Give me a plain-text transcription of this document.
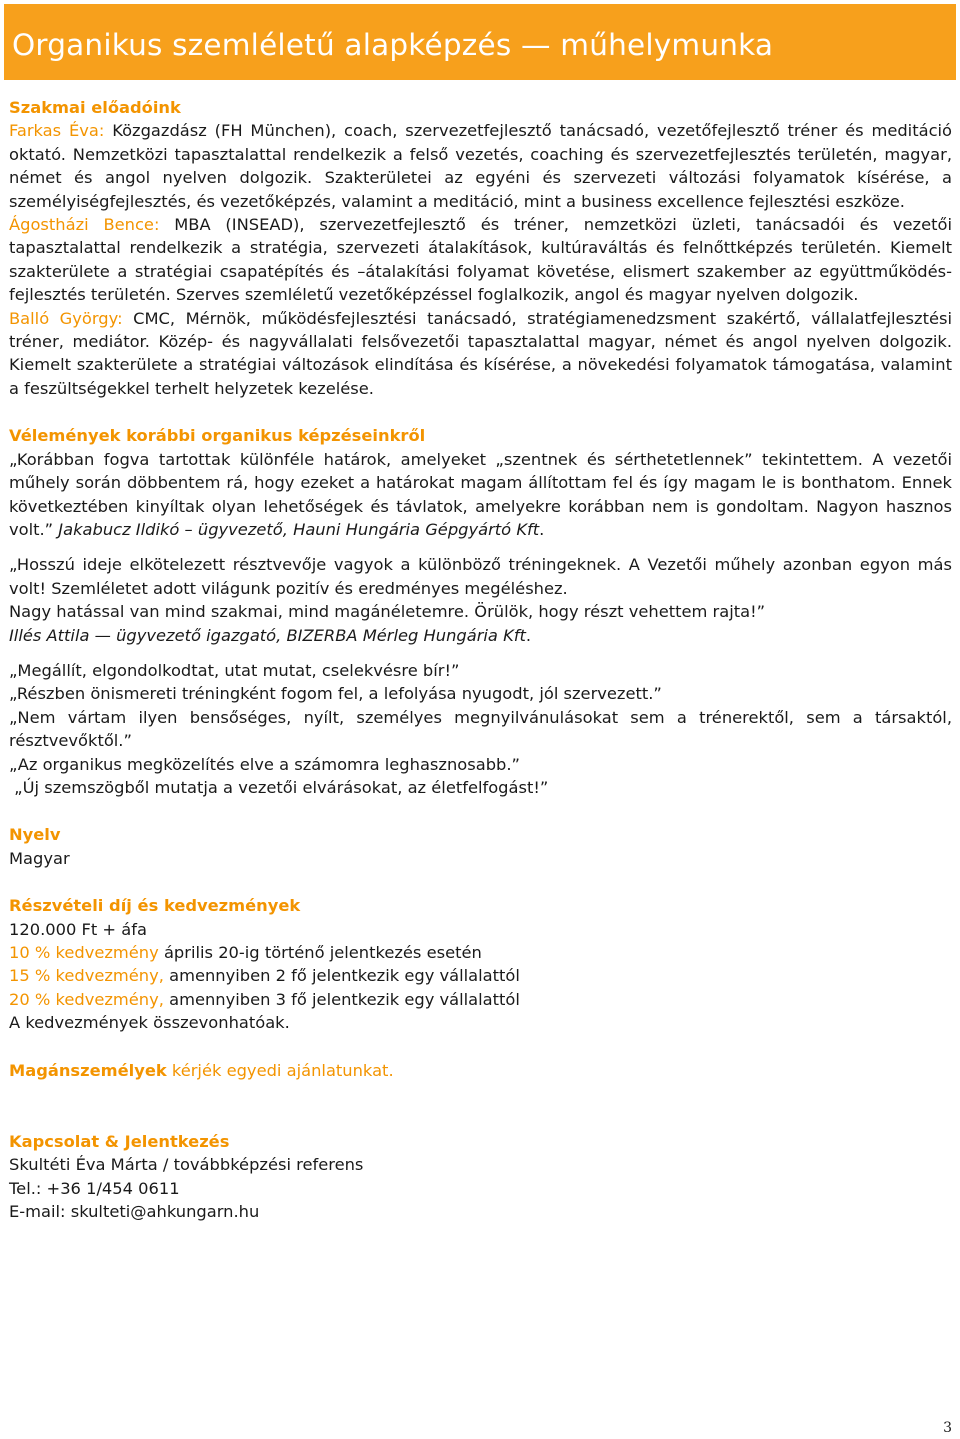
Organikus szemléletű alapképzés — műhelymunka
Szakmai előadóink

Farkas Éva: Közgazdász (FH München), coach, szervezetfejlesztő tanácsadó, vezetőfejlesztő tréner és meditáció oktató. Nemzetközi tapasztalattal rendelkezik a felső vezetés, coaching és szervezetfejlesztés területén, magyar, német és angol nyelven dolgozik. Szakterületei az egyéni és szervezeti változási folyamatok kísérése, a személyiségfejlesztés, és vezetőképzés, valamint a meditáció, mint a business excellence fejlesztési eszköze.

Ágostházi Bence: MBA (INSEAD), szervezetfejlesztő és tréner, nemzetközi üzleti, tanácsadói és vezetői tapasztalattal rendelkezik a stratégia, szervezeti átalakítások, kultúraváltás és felnőttképzés területén. Kiemelt szakterülete a stratégiai csapatépítés és –átalakítási folyamat követése, elismert szakember az együttműködés-fejlesztés területén. Szerves szemléletű vezetőképzéssel foglalkozik, angol és magyar nyelven dolgozik.

Balló György: CMC, Mérnök, működésfejlesztési tanácsadó, stratégiamenedzsment szakértő, vállalatfejlesztési tréner, mediátor. Közép- és nagyvállalati felsővezetői tapasztalattal magyar, német és angol nyelven dolgozik. Kiemelt szakterülete a stratégiai változások elindítása és kísérése, a növekedési folyamatok támogatása, valamint a feszültségekkel terhelt helyzetek kezelése.

Vélemények korábbi organikus képzéseinkről

„Korábban fogva tartottak különféle határok, amelyeket „szentnek és sérthetetlennek” tekintettem. A vezetői műhely során döbbentem rá, hogy ezeket a határokat magam állítottam fel és így magam le is bonthatom. Ennek következtében kinyíltak olyan lehetőségek és távlatok, amelyekre korábban nem is gondoltam. Nagyon hasznos volt.” Jakabucz Ildikó – ügyvezető, Hauni Hungária Gépgyártó Kft.

„Hosszú ideje elkötelezett résztvevője vagyok a különböző tréningeknek. A Vezetői műhely azonban egyon más volt! Szemléletet adott világunk pozitív és eredményes megéléshez.

Nagy hatással van mind szakmai, mind magánéletemre. Örülök, hogy részt vehettem rajta!”

Illés Attila — ügyvezető igazgató, BIZERBA Mérleg Hungária Kft.

„Megállít, elgondolkodtat, utat mutat, cselekvésre bír!”

„Részben önismereti tréningként fogom fel, a lefolyása nyugodt, jól szervezett.”

„Nem vártam ilyen bensőséges, nyílt, személyes megnyilvánulásokat sem a trénerektől, sem a társaktól, résztvevőktől.”

„Az organikus megközelítés elve a számomra leghasznosabb.”

„Új szemszögből mutatja a vezetői elvárásokat, az életfelfogást!”

Nyelv
Magyar
Részvételi díj és kedvezmények
120.000 Ft + áfa
10 % kedvezmény április 20-ig történő jelentkezés esetén
15 % kedvezmény, amennyiben 2 fő jelentkezik egy vállalattól
20 % kedvezmény, amennyiben 3 fő jelentkezik egy vállalattól
A kedvezmények összevonhatóak.
Magánszemélyek kérjék egyedi ajánlatunkat.
Kapcsolat & Jelentkezés
Skultéti Éva Márta / továbbképzési referens
Tel.: +36 1/454 0611
E-mail: skulteti@ahkungarn.hu
3
